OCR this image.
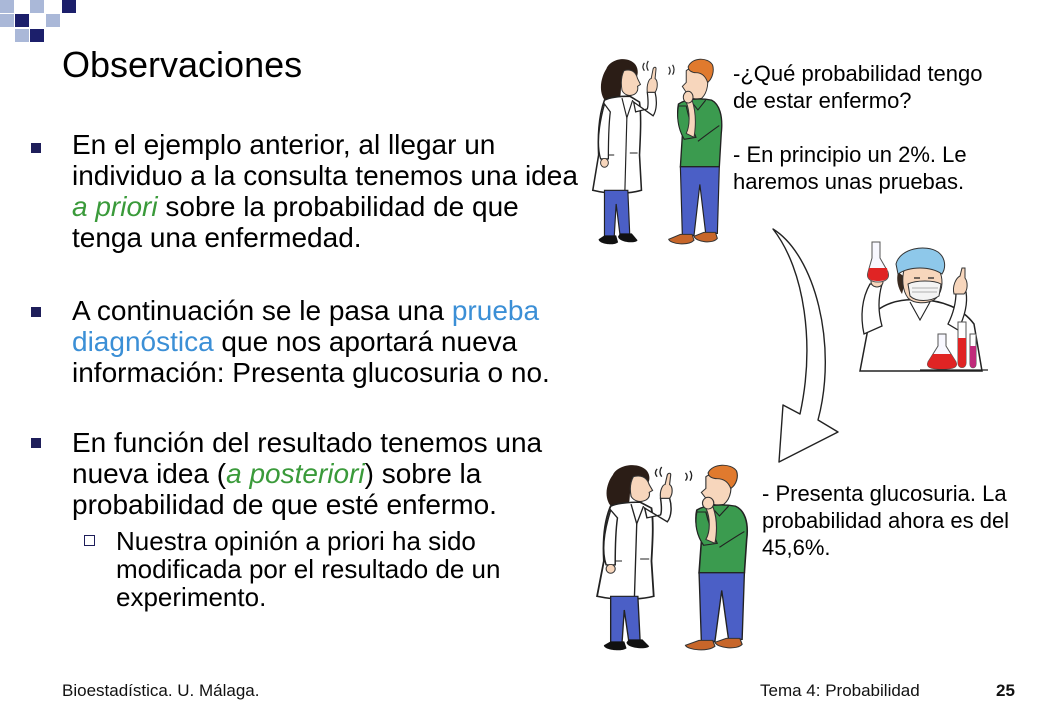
Observaciones

En el ejemplo anterior, al llegar un individuo a la consulta tenemos una idea a priori sobre la probabilidad de que tenga una enfermedad.

A continuación se le pasa una prueba diagnóstica que nos aportará nueva información: Presenta glucosuria o no.

En función del resultado tenemos una nueva idea (a posteriori) sobre la probabilidad de que esté enfermo.

Nuestra opinión a priori ha sido modificada por el resultado de un experimento.

-¿Qué probabilidad tengo de estar enfermo?

- En principio un 2%. Le haremos unas pruebas.

- Presenta glucosuria. La probabilidad ahora es del 45,6%.

Bioestadística. U. Málaga.	Tema 4: Probabilidad	25
